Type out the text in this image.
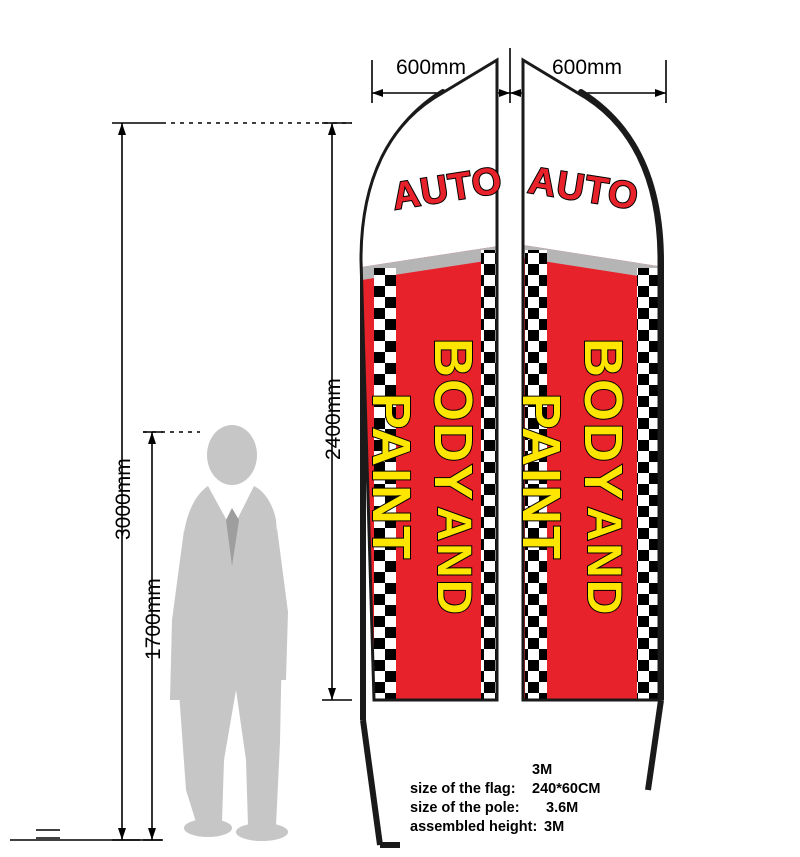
600mm	600mm
3000mm
2400mm
1700mm
AUTO
BODY AND PAINT
AUTO
BODY AND PAINT
3M
size of the flag:	240*60CM
size of the pole:	3.6M
assembled height: 3M
